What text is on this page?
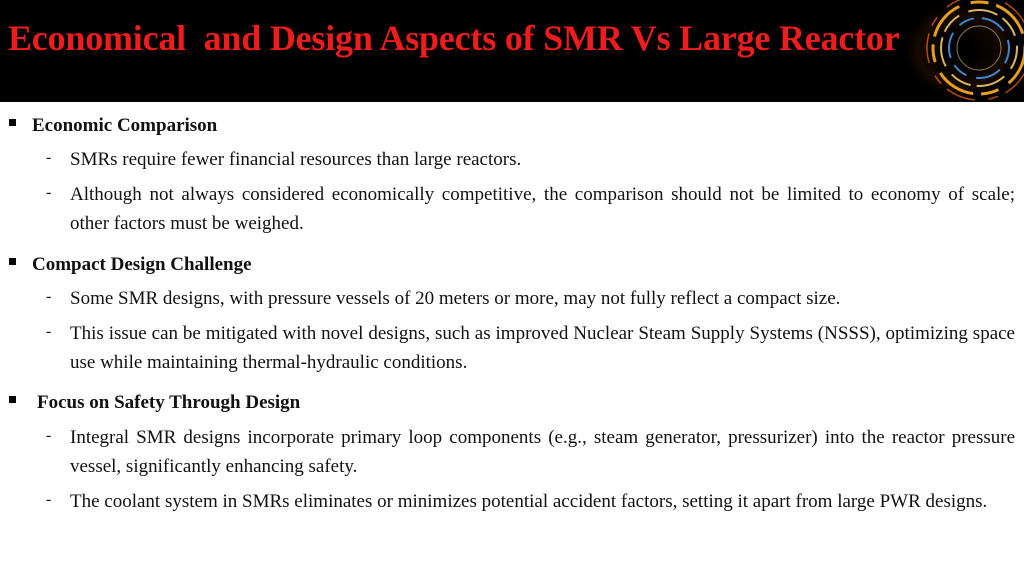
Economical  and Design Aspects of SMR Vs Large Reactor
Economic Comparison
- SMRs require fewer financial resources than large reactors.
- Although not always considered economically competitive, the comparison should not be limited to economy of scale; other factors must be weighed.
Compact Design Challenge
- Some SMR designs, with pressure vessels of 20 meters or more, may not fully reflect a compact size.
- This issue can be mitigated with novel designs, such as improved Nuclear Steam Supply Systems (NSSS), optimizing space use while maintaining thermal-hydraulic conditions.
Focus on Safety Through Design
- Integral SMR designs incorporate primary loop components (e.g., steam generator, pressurizer) into the reactor pressure vessel, significantly enhancing safety.
- The coolant system in SMRs eliminates or minimizes potential accident factors, setting it apart from large PWR designs.
